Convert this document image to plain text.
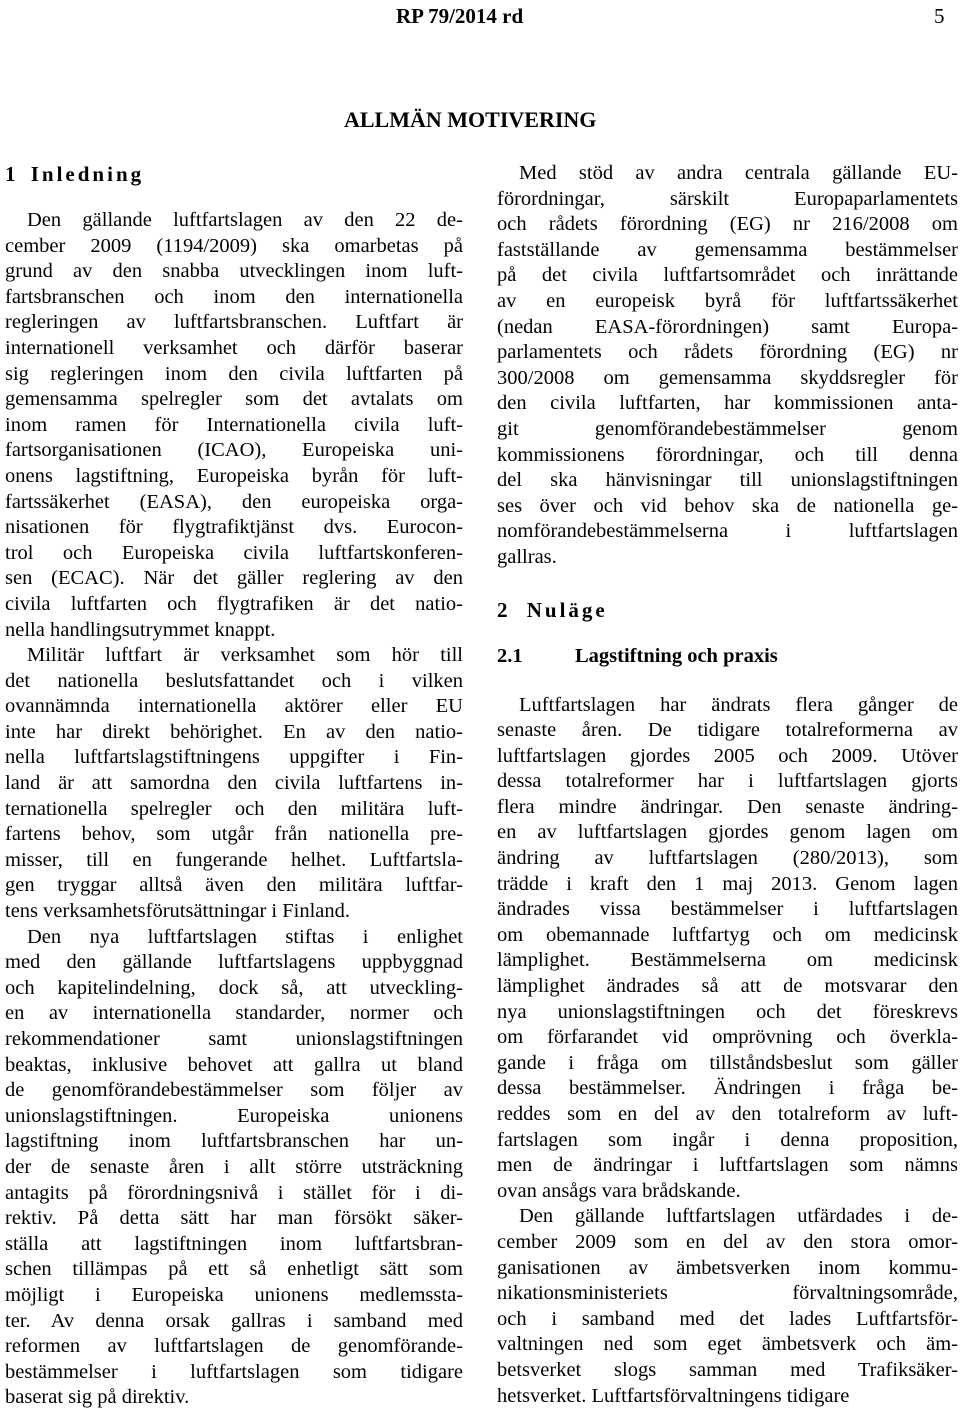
RP 79/2014 rd	5
ALLMÄN MOTIVERING
1 Inledning

Den gällande luftfartslagen av den 22 de-

cember 2009 (1194/2009) ska omarbetas på

grund av den snabba utvecklingen inom luft-

fartsbranschen och inom den internationella

regleringen av luftfartsbranschen. Luftfart är

internationell verksamhet och därför baserar

sig regleringen inom den civila luftfarten på

gemensamma spelregler som det avtalats om

inom ramen för Internationella civila luft-

fartsorganisationen (ICAO), Europeiska uni-

onens lagstiftning, Europeiska byrån för luft-

fartssäkerhet (EASA), den europeiska orga-

nisationen för flygtrafiktjänst dvs. Eurocon-

trol och Europeiska civila luftfartskonferen-

sen (ECAC). När det gäller reglering av den

civila luftfarten och flygtrafiken är det natio-

nella handlingsutrymmet knappt.

Militär luftfart är verksamhet som hör till

det nationella beslutsfattandet och i vilken

ovannämnda internationella aktörer eller EU

inte har direkt behörighet. En av den natio-

nella luftfartslagstiftningens uppgifter i Fin-

land är att samordna den civila luftfartens in-

ternationella spelregler och den militära luft-

fartens behov, som utgår från nationella pre-

misser, till en fungerande helhet. Luftfartsla-

gen tryggar alltså även den militära luftfar-

tens verksamhetsförutsättningar i Finland.

Den nya luftfartslagen stiftas i enlighet

med den gällande luftfartslagens uppbyggnad

och kapitelindelning, dock så, att utveckling-

en av internationella standarder, normer och

rekommendationer samt unionslagstiftningen

beaktas, inklusive behovet att gallra ut bland

de genomförandebestämmelser som följer av

unionslagstiftningen. Europeiska unionens

lagstiftning inom luftfartsbranschen har un-

der de senaste åren i allt större utsträckning

antagits på förordningsnivå i stället för i di-

rektiv. På detta sätt har man försökt säker-

ställa att lagstiftningen inom luftfartsbran-

schen tillämpas på ett så enhetligt sätt som

möjligt i Europeiska unionens medlemssta-

ter. Av denna orsak gallras i samband med

reformen av luftfartslagen de genomförande-

bestämmelser i luftfartslagen som tidigare

baserat sig på direktiv.

Med stöd av andra centrala gällande EU-

förordningar, särskilt Europaparlamentets

och rådets förordning (EG) nr 216/2008 om

fastställande av gemensamma bestämmelser

på det civila luftfartsområdet och inrättande

av en europeisk byrå för luftfartssäkerhet

(nedan EASA-förordningen) samt Europa-

parlamentets och rådets förordning (EG) nr

300/2008 om gemensamma skyddsregler för

den civila luftfarten, har kommissionen anta-

git genomförandebestämmelser genom

kommissionens förordningar, och till denna

del ska hänvisningar till unionslagstiftningen

ses över och vid behov ska de nationella ge-

nomförandebestämmelserna i luftfartslagen

gallras.

2 Nuläge
2.1	Lagstiftning och praxis

Luftfartslagen har ändrats flera gånger de

senaste åren. De tidigare totalreformerna av

luftfartslagen gjordes 2005 och 2009. Utöver

dessa totalreformer har i luftfartslagen gjorts

flera mindre ändringar. Den senaste ändring-

en av luftfartslagen gjordes genom lagen om

ändring av luftfartslagen (280/2013), som

trädde i kraft den 1 maj 2013. Genom lagen

ändrades vissa bestämmelser i luftfartslagen

om obemannade luftfartyg och om medicinsk

lämplighet. Bestämmelserna om medicinsk

lämplighet ändrades så att de motsvarar den

nya unionslagstiftningen och det föreskrevs

om förfarandet vid omprövning och överkla-

gande i fråga om tillståndsbeslut som gäller

dessa bestämmelser. Ändringen i fråga be-

reddes som en del av den totalreform av luft-

fartslagen som ingår i denna proposition,

men de ändringar i luftfartslagen som nämns

ovan ansågs vara brådskande.

Den gällande luftfartslagen utfärdades i de-

cember 2009 som en del av den stora omor-

ganisationen av ämbetsverken inom kommu-

nikationsministeriets förvaltningsområde,

och i samband med det lades Luftfartsför-

valtningen ned som eget ämbetsverk och äm-

betsverket slogs samman med Trafiksäker-

hetsverket. Luftfartsförvaltningens tidigare
